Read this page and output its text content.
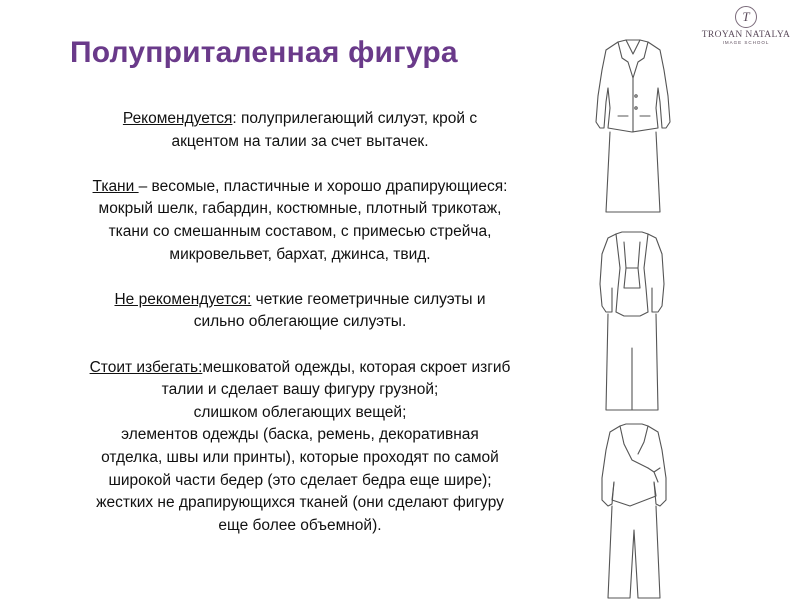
Полуприталенная фигура
T
TROYAN NATALYA
IMAGE SCHOOL
Рекомендуется: полуприлегающий силуэт, крой с
акцентом на талии за счет вытачек.
Ткани – весомые, пластичные и хорошо драпирующиеся:
мокрый шелк, габардин, костюмные, плотный трикотаж,
ткани со смешанным составом, с примесью стрейча,
микровельвет, бархат, джинса, твид.
Не рекомендуется: четкие геометричные силуэты и
сильно облегающие силуэты.
Стоит избегать:мешковатой одежды, которая скроет изгиб
талии и сделает вашу фигуру грузной;
слишком облегающих вещей;
элементов одежды (баска, ремень, декоративная
отделка, швы или принты), которые проходят по самой
широкой части бедер (это сделает бедра еще шире);
жестких не драпирующихся тканей (они сделают фигуру
еще более объемной).
